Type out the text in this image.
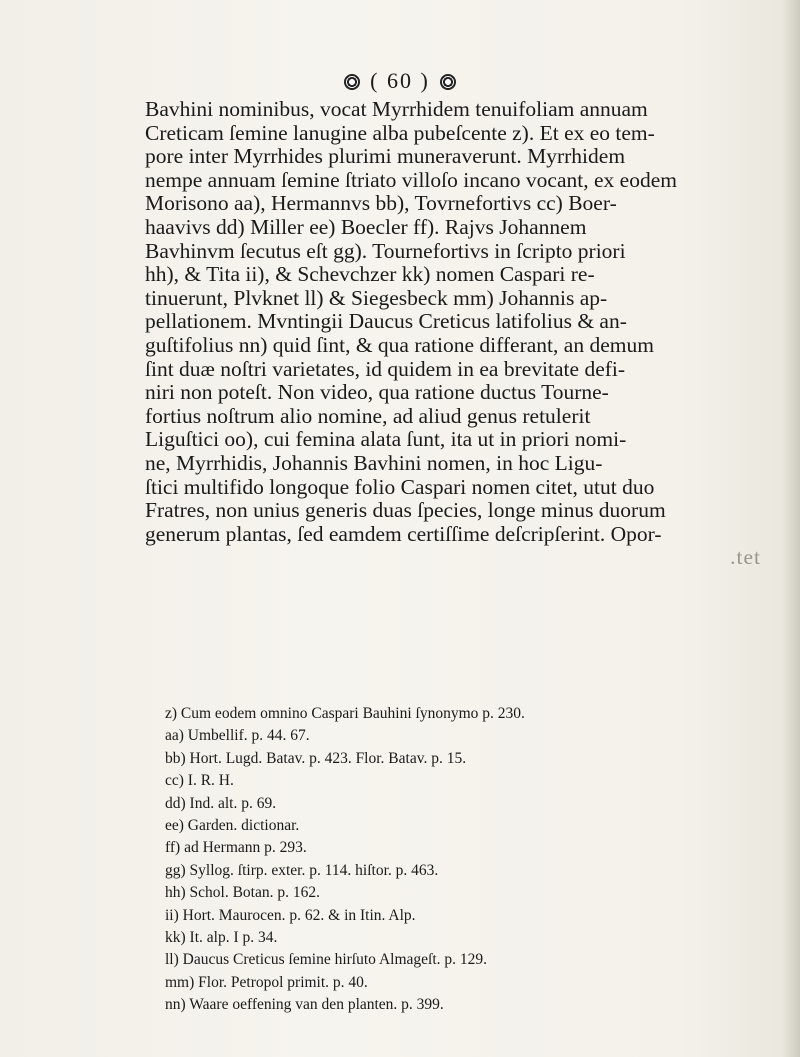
( 60 )
Bavhini nominibus, vocat Myrrhidem tenuifoliam annuam
Creticam ſemine lanugine alba pubeſcente z). Et ex eo tem-
pore inter Myrrhides plurimi muneraverunt. Myrrhidem
nempe annuam ſemine ſtriato villoſo incano vocant, ex eodem
Morisono aa), Hermannvs bb), Tovrnefortivs cc) Boer-
haavivs dd) Miller ee) Boecler ff). Rajvs Johannem
Bavhinvm ſecutus eſt gg). Tournefortivs in ſcripto priori
hh), & Tita ii), & Schevchzer kk) nomen Caspari re-
tinuerunt, Plvknet ll) & Siegesbeck mm) Johannis ap-
pellationem. Mvntingii Daucus Creticus latifolius & an-
guſtifolius nn) quid ſint, & qua ratione differant, an demum
ſint duæ noſtri varietates, id quidem in ea brevitate defi-
niri non poteſt. Non video, qua ratione ductus Tourne-
fortius noſtrum alio nomine, ad aliud genus retulerit
Liguſtici oo), cui femina alata ſunt, ita ut in priori nomi-
ne, Myrrhidis, Johannis Bavhini nomen, in hoc Ligu-
ſtici multifido longoque folio Caspari nomen citet, utut duo
Fratres, non unius generis duas ſpecies, longe minus duorum
generum plantas, ſed eamdem certiſſime deſcripſerint. Opor-
.tet
z) Cum eodem omnino Caspari Bauhini ſynonymo p. 230.
aa) Umbellif. p. 44. 67.
bb) Hort. Lugd. Batav. p. 423. Flor. Batav. p. 15.
cc) I. R. H.
dd) Ind. alt. p. 69.
ee) Garden. dictionar.
ff) ad Hermann p. 293.
gg) Syllog. ſtirp. exter. p. 114. hiſtor. p. 463.
hh) Schol. Botan. p. 162.
ii) Hort. Maurocen. p. 62. & in Itin. Alp.
kk) It. alp. I p. 34.
ll) Daucus Creticus ſemine hirſuto Almageſt. p. 129.
mm) Flor. Petropol primit. p. 40.
nn) Waare oeffening van den planten. p. 399.
